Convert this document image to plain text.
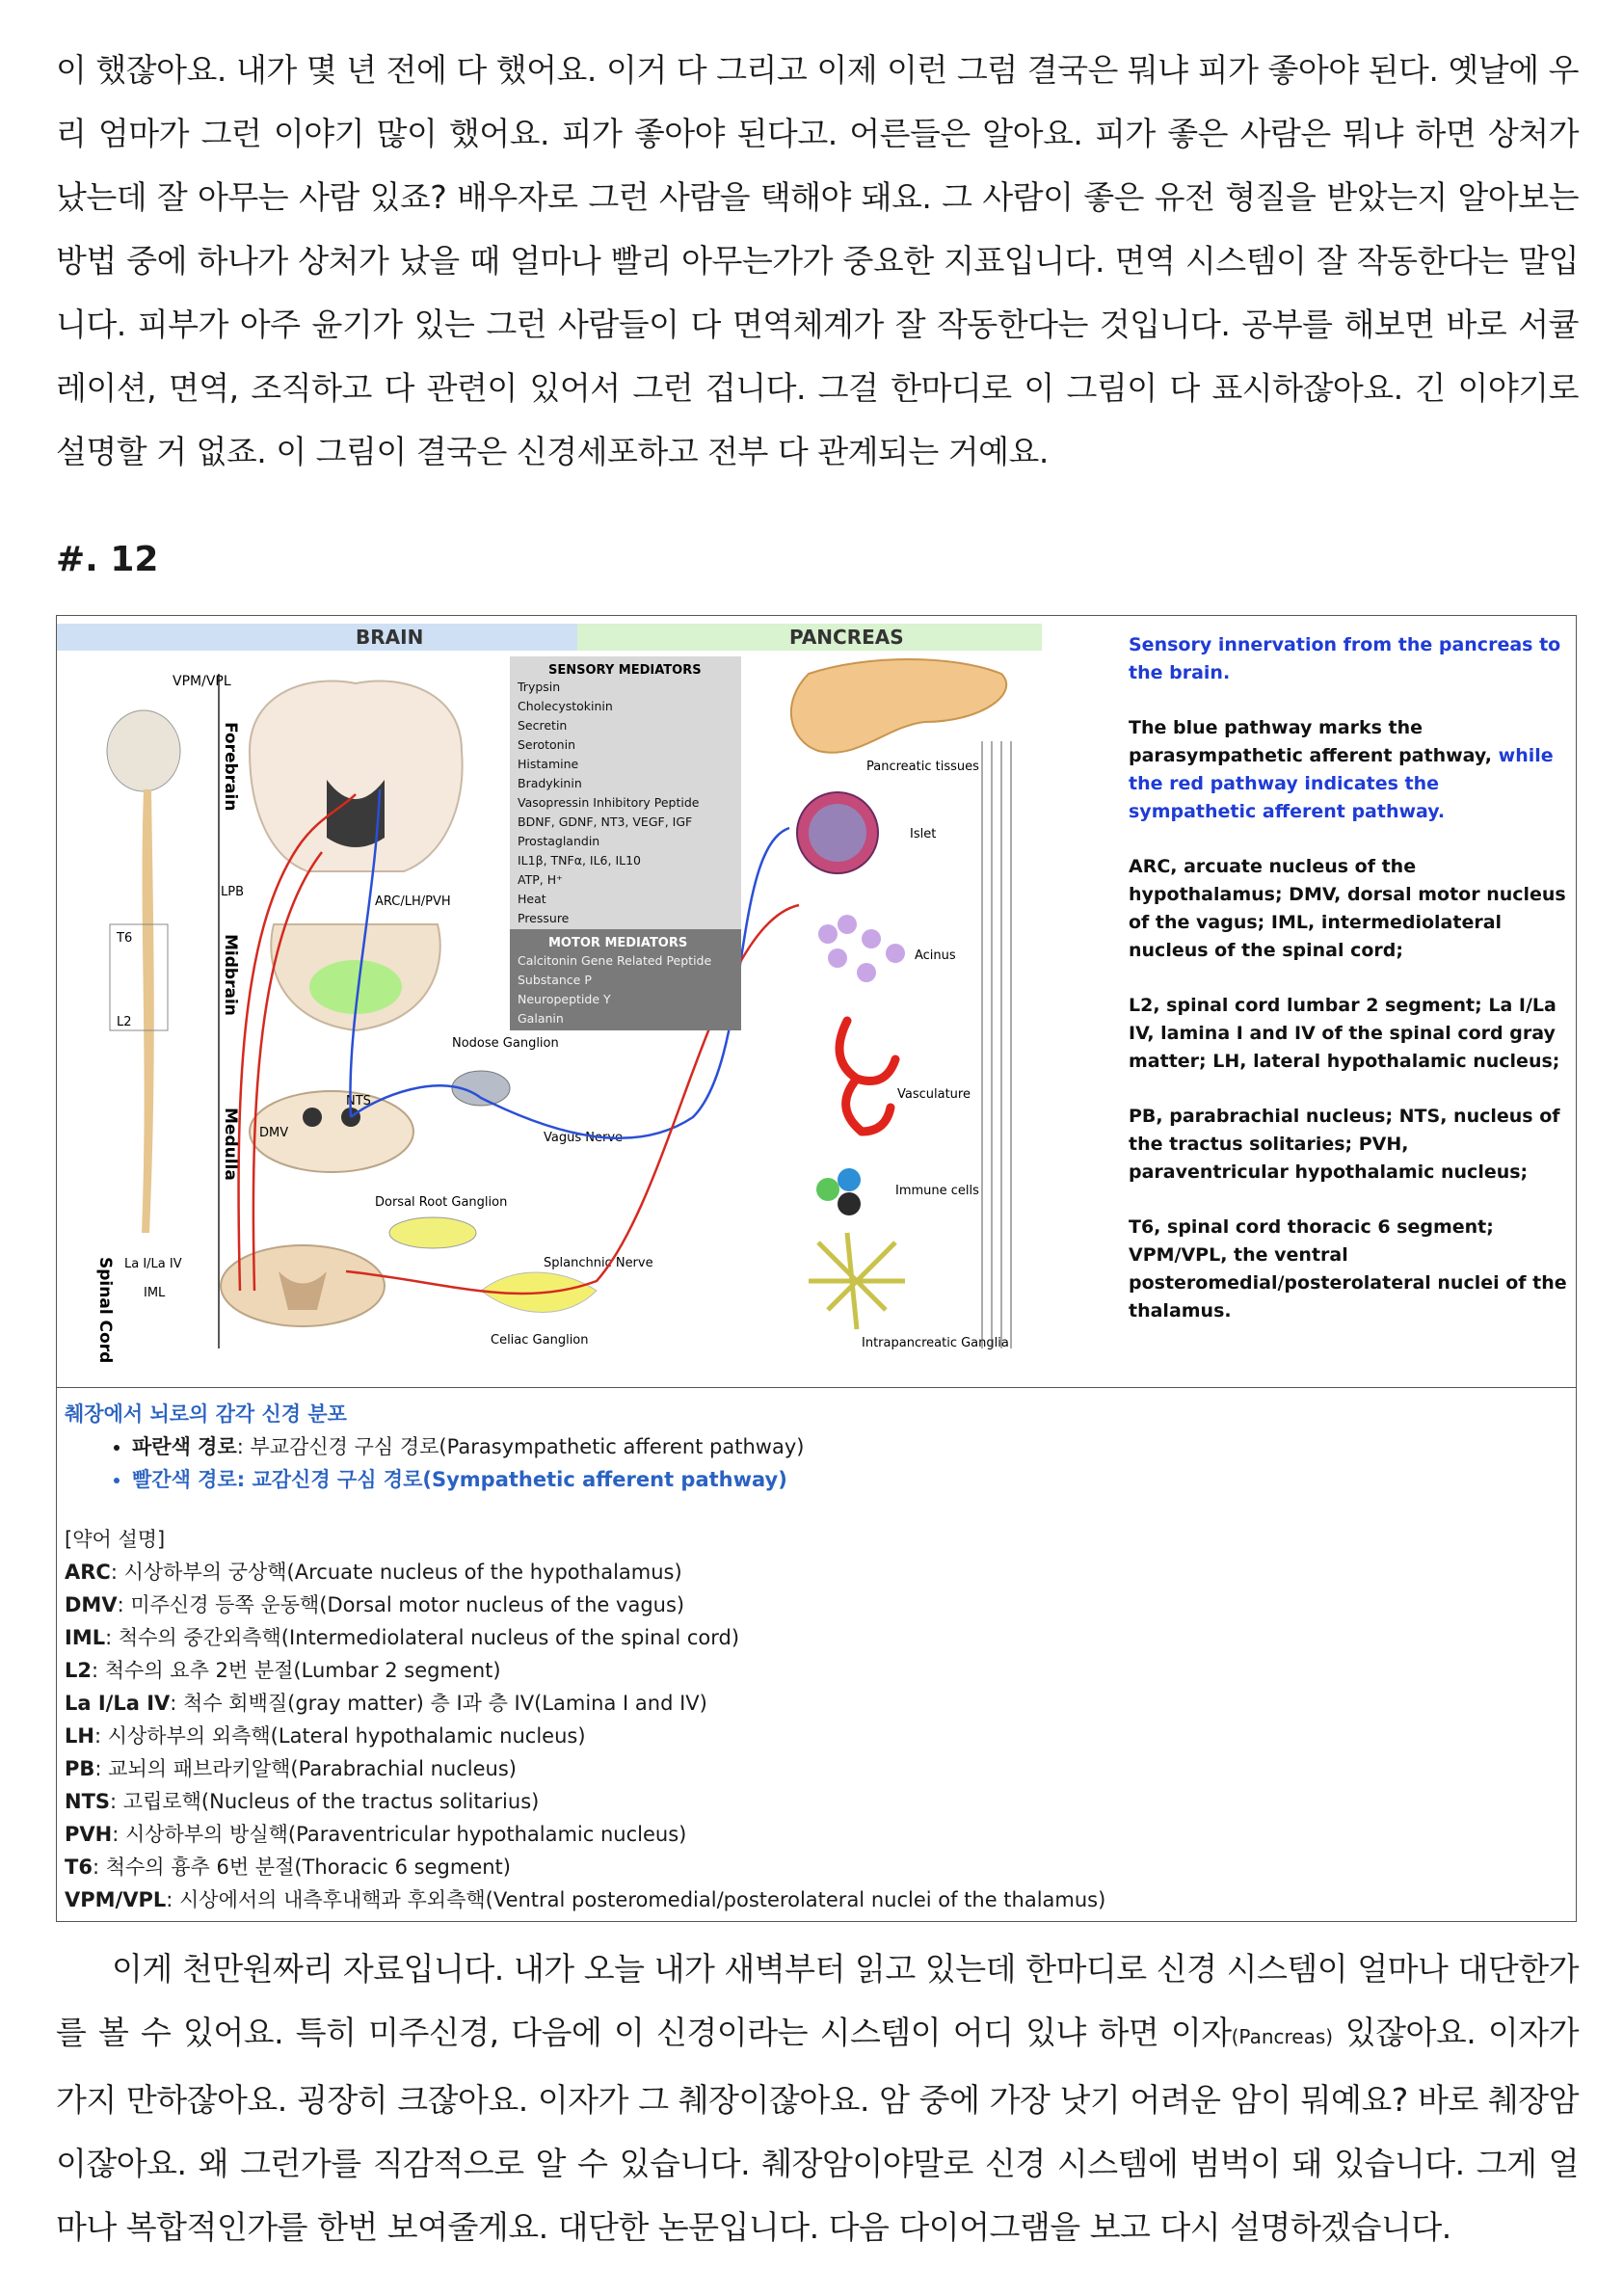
이 했잖아요. 내가 몇 년 전에 다 했어요. 이거 다 그리고 이제 이런 그럼 결국은 뭐냐 피가 좋아야 된다. 옛날에 우리 엄마가 그런 이야기 많이 했어요. 피가 좋아야 된다고. 어른들은 알아요. 피가 좋은 사람은 뭐냐 하면 상처가 났는데 잘 아무는 사람 있죠? 배우자로 그런 사람을 택해야 돼요. 그 사람이 좋은 유전 형질을 받았는지 알아보는 방법 중에 하나가 상처가 났을 때 얼마나 빨리 아무는가가 중요한 지표입니다. 면역 시스템이 잘 작동한다는 말입니다. 피부가 아주 윤기가 있는 그런 사람들이 다 면역체계가 잘 작동한다는 것입니다. 공부를 해보면 바로 서큘레이션, 면역, 조직하고 다 관련이 있어서 그런 겁니다. 그걸 한마디로 이 그림이 다 표시하잖아요. 긴 이야기로 설명할 거 없죠. 이 그림이 결국은 신경세포하고 전부 다 관계되는 거예요.

#. 12
BRAIN	PANCREAS
Forebrain
Midbrain
Medulla
Spinal Cord
T6
L2
VPM/VPL
LPB
ARC/LH/PVH
NTS
DMV
La I/La IV
IML
Nodose Ganglion
Dorsal Root Ganglion
Celiac Ganglion
Splanchnic Nerve
Vagus Nerve
SENSORY MEDIATORS
Trypsin
Cholecystokinin
Secretin
Serotonin
Histamine
Bradykinin
Vasopressin Inhibitory Peptide
BDNF, GDNF, NT3, VEGF, IGF
Prostaglandin
IL1β, TNFα, IL6, IL10
ATP, H⁺
Heat
Pressure
MOTOR MEDIATORS
Calcitonin Gene Related Peptide
Substance P
Neuropeptide Y
Galanin
Pancreatic tissues
Islet
Acinus
Vasculature
Immune cells
Intrapancreatic Ganglia
Sensory innervation from the pancreas to the brain.
The blue pathway marks the parasympathetic afferent pathway, while the red pathway indicates the sympathetic afferent pathway.
ARC, arcuate nucleus of the hypothalamus; DMV, dorsal motor nucleus of the vagus; IML, intermediolateral nucleus of the spinal cord;
L2, spinal cord lumbar 2 segment; La I/La IV, lamina I and IV of the spinal cord gray matter; LH, lateral hypothalamic nucleus;
PB, parabrachial nucleus; NTS, nucleus of the tractus solitaries; PVH, paraventricular hypothalamic nucleus;
T6, spinal cord thoracic 6 segment; VPM/VPL, the ventral posteromedial/posterolateral nuclei of the thalamus.

췌장에서 뇌로의 감각 신경 분포

• 파란색 경로: 부교감신경 구심 경로(Parasympathetic afferent pathway)
• 빨간색 경로: 교감신경 구심 경로(Sympathetic afferent pathway)

[약어 설명]

ARC: 시상하부의 궁상핵(Arcuate nucleus of the hypothalamus)
DMV: 미주신경 등쪽 운동핵(Dorsal motor nucleus of the vagus)
IML: 척수의 중간외측핵(Intermediolateral nucleus of the spinal cord)
L2: 척수의 요추 2번 분절(Lumbar 2 segment)
La I/La IV: 척수 회백질(gray matter) 층 I과 층 IV(Lamina I and IV)
LH: 시상하부의 외측핵(Lateral hypothalamic nucleus)
PB: 교뇌의 패브라키알핵(Parabrachial nucleus)
NTS: 고립로핵(Nucleus of the tractus solitarius)
PVH: 시상하부의 방실핵(Paraventricular hypothalamic nucleus)
T6: 척수의 흉추 6번 분절(Thoracic 6 segment)
VPM/VPL: 시상에서의 내측후내핵과 후외측핵(Ventral posteromedial/posterolateral nuclei of the thalamus)

이게 천만원짜리 자료입니다. 내가 오늘 내가 새벽부터 읽고 있는데 한마디로 신경 시스템이 얼마나 대단한가를 볼 수 있어요. 특히 미주신경, 다음에 이 신경이라는 시스템이 어디 있냐 하면 이자(Pancreas) 있잖아요. 이자가 가지 만하잖아요. 굉장히 크잖아요. 이자가 그 췌장이잖아요. 암 중에 가장 낫기 어려운 암이 뭐예요? 바로 췌장암이잖아요. 왜 그런가를 직감적으로 알 수 있습니다. 췌장암이야말로 신경 시스템에 범벅이 돼 있습니다. 그게 얼마나 복합적인가를 한번 보여줄게요. 대단한 논문입니다. 다음 다이어그램을 보고 다시 설명하겠습니다.
